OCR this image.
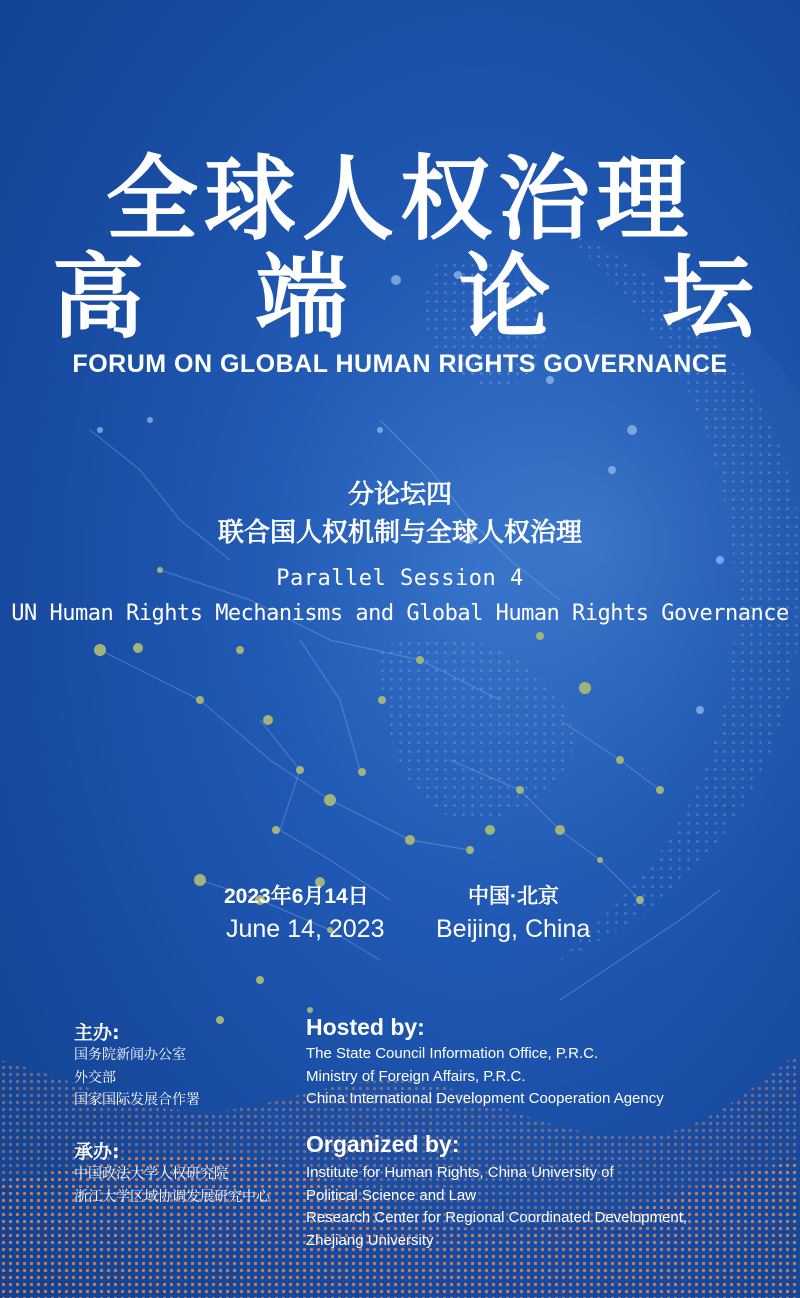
全球人权治理
高 端 论 坛
FORUM ON GLOBAL HUMAN RIGHTS GOVERNANCE
分论坛四
联合国人权机制与全球人权治理
Parallel Session 4
UN Human Rights Mechanisms and Global Human Rights Governance
2023年6月14日	中国·北京
June 14, 2023 Beijing, China
主办:	Hosted by:
国务院新闻办公室
外交部
国家国际发展合作署
The State Council Information Office, P.R.C.
Ministry of Foreign Affairs, P.R.C.
China International Development Cooperation Agency
承办:	Organized by:
中国政法大学人权研究院
浙江大学区域协调发展研究中心
Institute for Human Rights, China University of
Political Science and Law
Research Center for Regional Coordinated Development,
Zhejiang University
